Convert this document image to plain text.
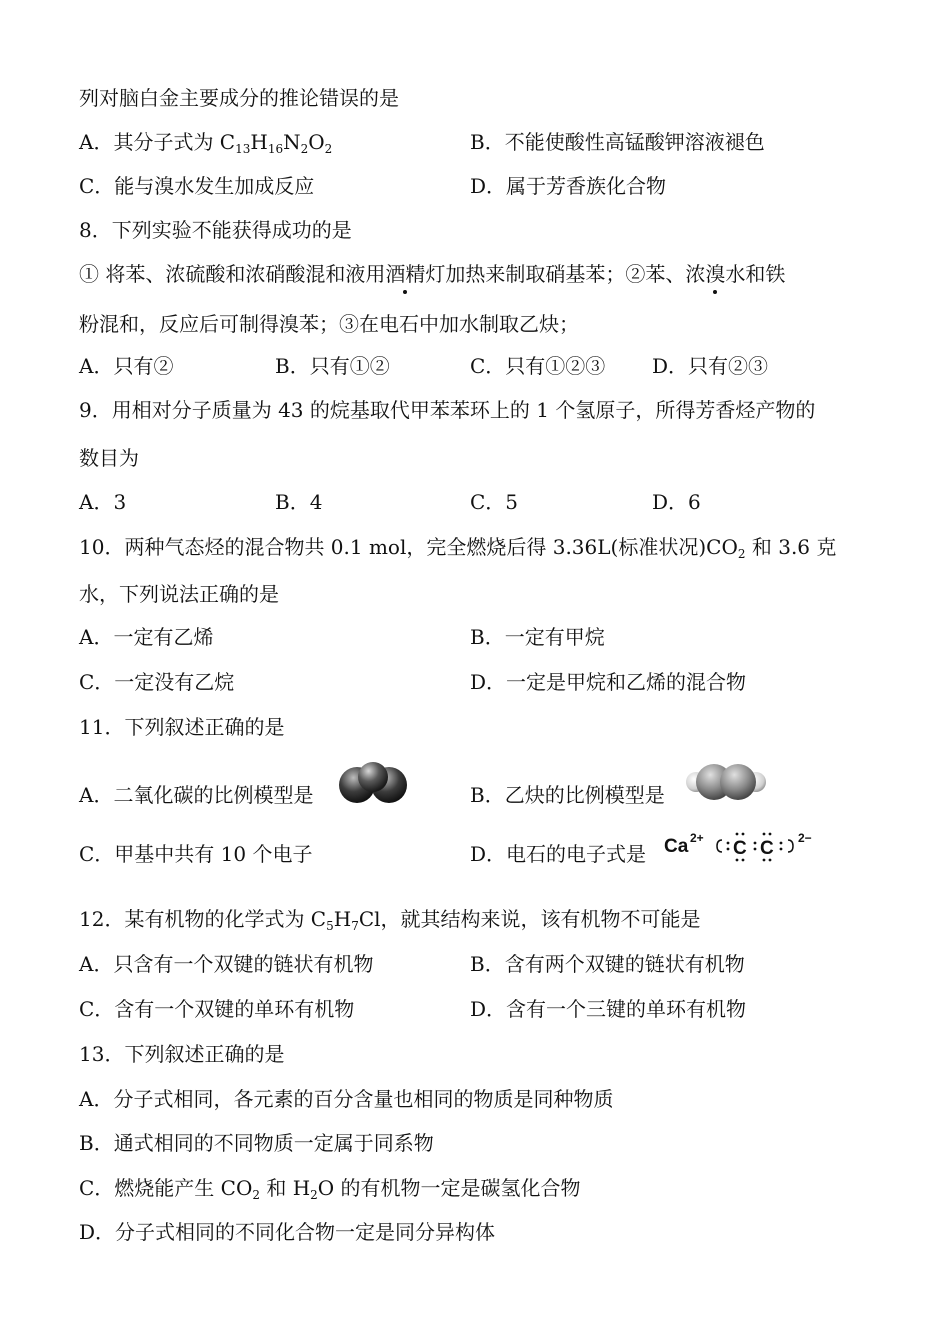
列对脑白金主要成分的推论错误的是
A．其分子式为 $C_{13}H_{16}N_2O_2$	B．不能使酸性高锰酸钾溶液褪色
C．能与溴水发生加成反应	D．属于芳香族化合物
8．下列实验不能获得成功的是
① 将苯、浓硫酸和浓硝酸混和液用酒精灯加热来制取硝基苯；②苯、浓溴水和铁
粉混和，反应后可制得溴苯；③在电石中加水制取乙炔；
A．只有②	B．只有①②	C．只有①②③ D．只有②③
9．用相对分子质量为 43 的烷基取代甲苯苯环上的 1 个氢原子，所得芳香烃产物的
数目为
A．3	B．4	C．5	D．6
10．两种气态烃的混合物共 0.1 mol，完全燃烧后得 3.36L(标准状况)$CO_2$ 和 3.6 克
水，下列说法正确的是
A．一定有乙烯	B．一定有甲烷
C．一定没有乙烷	D．一定是甲烷和乙烯的混合物
11．下列叙述正确的是
A．二氧化碳的比例模型是	B．乙炔的比例模型是
C．甲基中共有 10 个电子	D．电石的电子式是 Ca 2+ C C 2−
12．某有机物的化学式为 $C_5H_7Cl$，就其结构来说，该有机物不可能是
A．只含有一个双键的链状有机物	B．含有两个双键的链状有机物
C．含有一个双键的单环有机物	D．含有一个三键的单环有机物
13．下列叙述正确的是
A．分子式相同，各元素的百分含量也相同的物质是同种物质
B．通式相同的不同物质一定属于同系物
C．燃烧能产生 $CO_2$ 和 $H_2O$ 的有机物一定是碳氢化合物
D．分子式相同的不同化合物一定是同分异构体
